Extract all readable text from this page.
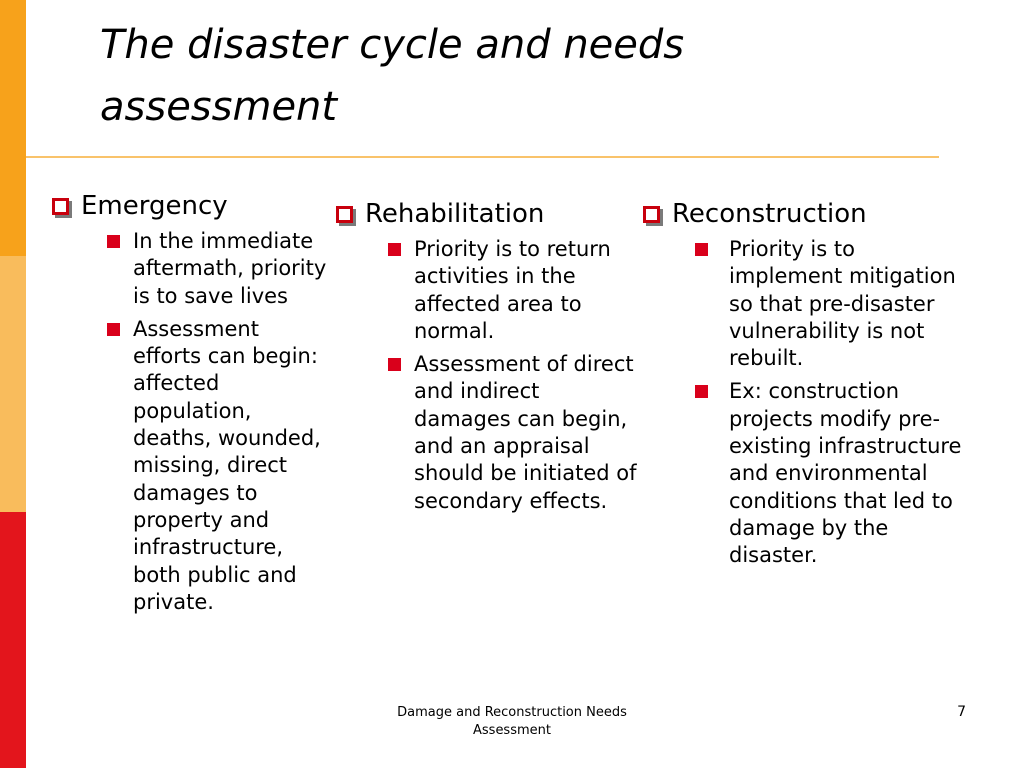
The disaster cycle and needs assessment
Emergency
In the immediate aftermath, priority is to save lives
Assessment efforts can begin: affected population, deaths, wounded, missing, direct damages to property and infrastructure, both public and private.
Rehabilitation
Priority is to return activities in the affected area to normal.
Assessment of direct and indirect damages can begin, and an appraisal should be initiated of secondary effects.
Reconstruction
Priority is to implement mitigation so that pre-disaster vulnerability is not rebuilt.
Ex: construction projects modify pre-existing infrastructure and environmental conditions that led to damage by the disaster.
Damage and Reconstruction Needs Assessment
7
